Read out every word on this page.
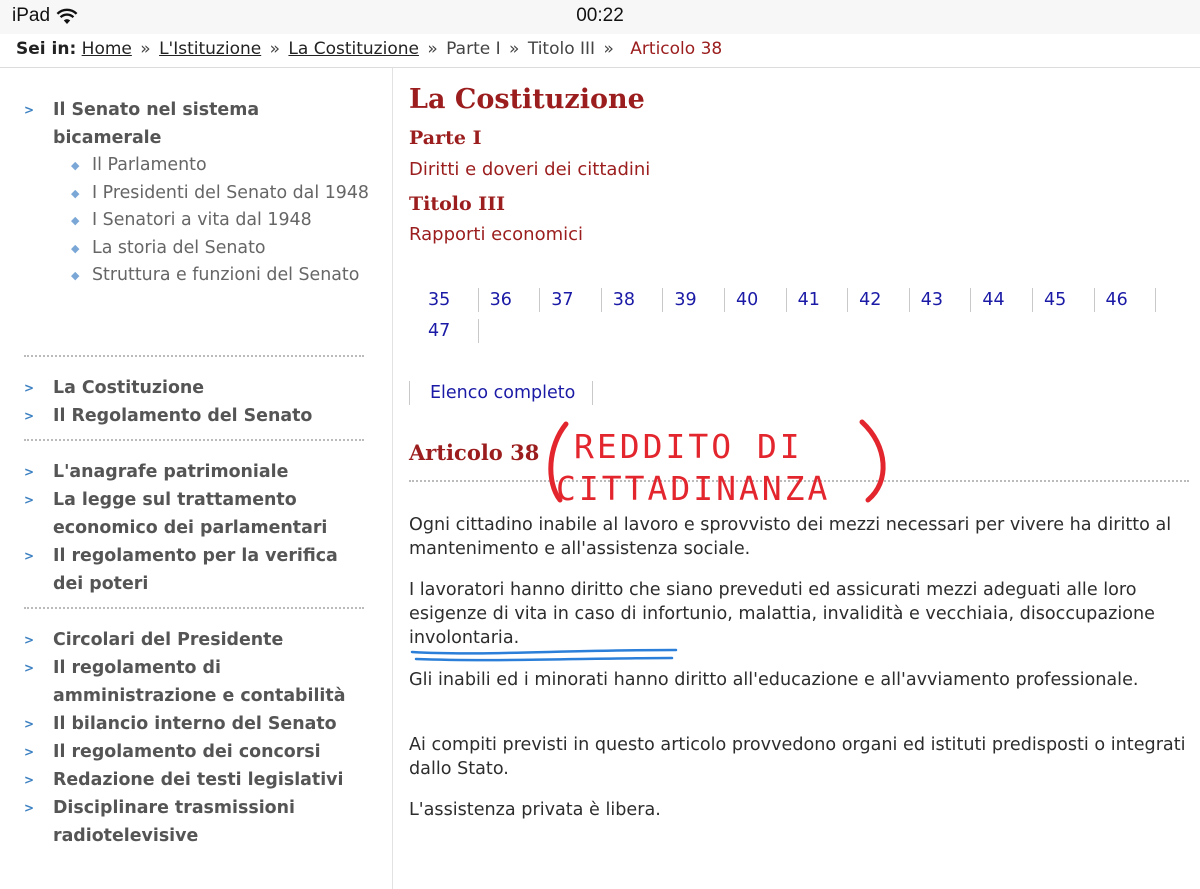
iPad	00:22
Sei in: Home » L'Istituzione » La Costituzione » Parte I » Titolo III » Articolo 38
> Il Senato nel sistema bicamerale
◆ Il Parlamento
◆ I Presidenti del Senato dal 1948
◆ I Senatori a vita dal 1948
◆ La storia del Senato
◆ Struttura e funzioni del Senato
> La Costituzione
> Il Regolamento del Senato
> L'anagrafe patrimoniale
> La legge sul trattamento economico dei parlamentari
> Il regolamento per la verifica dei poteri
> Circolari del Presidente
> Il regolamento di amministrazione e contabilità
> Il bilancio interno del Senato
> Il regolamento dei concorsi
> Redazione dei testi legislativi
> Disciplinare trasmissioni radiotelevisive
La Costituzione
Parte I
Diritti e doveri dei cittadini
Titolo III
Rapporti economici
35	36	37	38	39	40	41	42	43	44	45	46
47
Elenco completo
Articolo 38

Ogni cittadino inabile al lavoro e sprovvisto dei mezzi necessari per vivere ha diritto al mantenimento e all'assistenza sociale.

I lavoratori hanno diritto che siano preveduti ed assicurati mezzi adeguati alle loro esigenze di vita in caso di infortunio, malattia, invalidità e vecchiaia, disoccupazione involontaria.

Gli inabili ed i minorati hanno diritto all'educazione e all'avviamento professionale.

Ai compiti previsti in questo articolo provvedono organi ed istituti predisposti o integrati dallo Stato.

L'assistenza privata è libera.

REDDITO DI
CITTADINANZA
